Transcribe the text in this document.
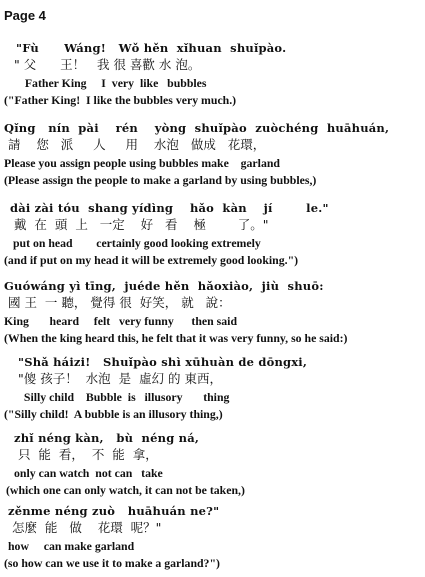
Page 4
"Fù      Wáng!   Wǒ hěn  xǐhuan  shuǐpào.
" 父      王！   我 很 喜歡 水 泡。
Father King     I  very  like   bubbles
("Father King!  I like the bubbles very much.)
Qǐng   nín  pài    rén    yòng  shuǐpào  zuòchéng  huāhuán,
請    您   派     人     用    水泡   做成   花環，
Please you assign people using bubbles make    garland
(Please assign the people to make a garland by using bubbles,)
dài zài tóu  shang yídìng    hǎo  kàn    jí        le."
戴  在  頭  上   一定    好   看    極        了。"
put on head        certainly good looking extremely
(and if put on my head it will be extremely good looking.")
Guówáng yì tīng,  juéde hěn  hǎoxiào,  jiù  shuō:
國 王  一 聽， 覺得 很  好笑， 就   說：
King       heard     felt   very funny      then said
(When the king heard this, he felt that it was very funny, so he said:)
"Shǎ háizi!   Shuǐpào shì xūhuàn de dōngxi,
"傻 孩子！  水泡  是  虛幻 的 東西，
Silly child    Bubble  is   illusory       thing
("Silly child!  A bubble is an illusory thing,)
zhǐ néng kàn,   bù  néng ná,
只  能  看，  不  能  拿，
only can watch  not can   take
(which one can only watch, it can not be taken,)
zěnme néng zuò   huāhuán ne?"
怎麼  能   做    花環  呢？"
how     can make garland
(so how can we use it to make a garland?")
